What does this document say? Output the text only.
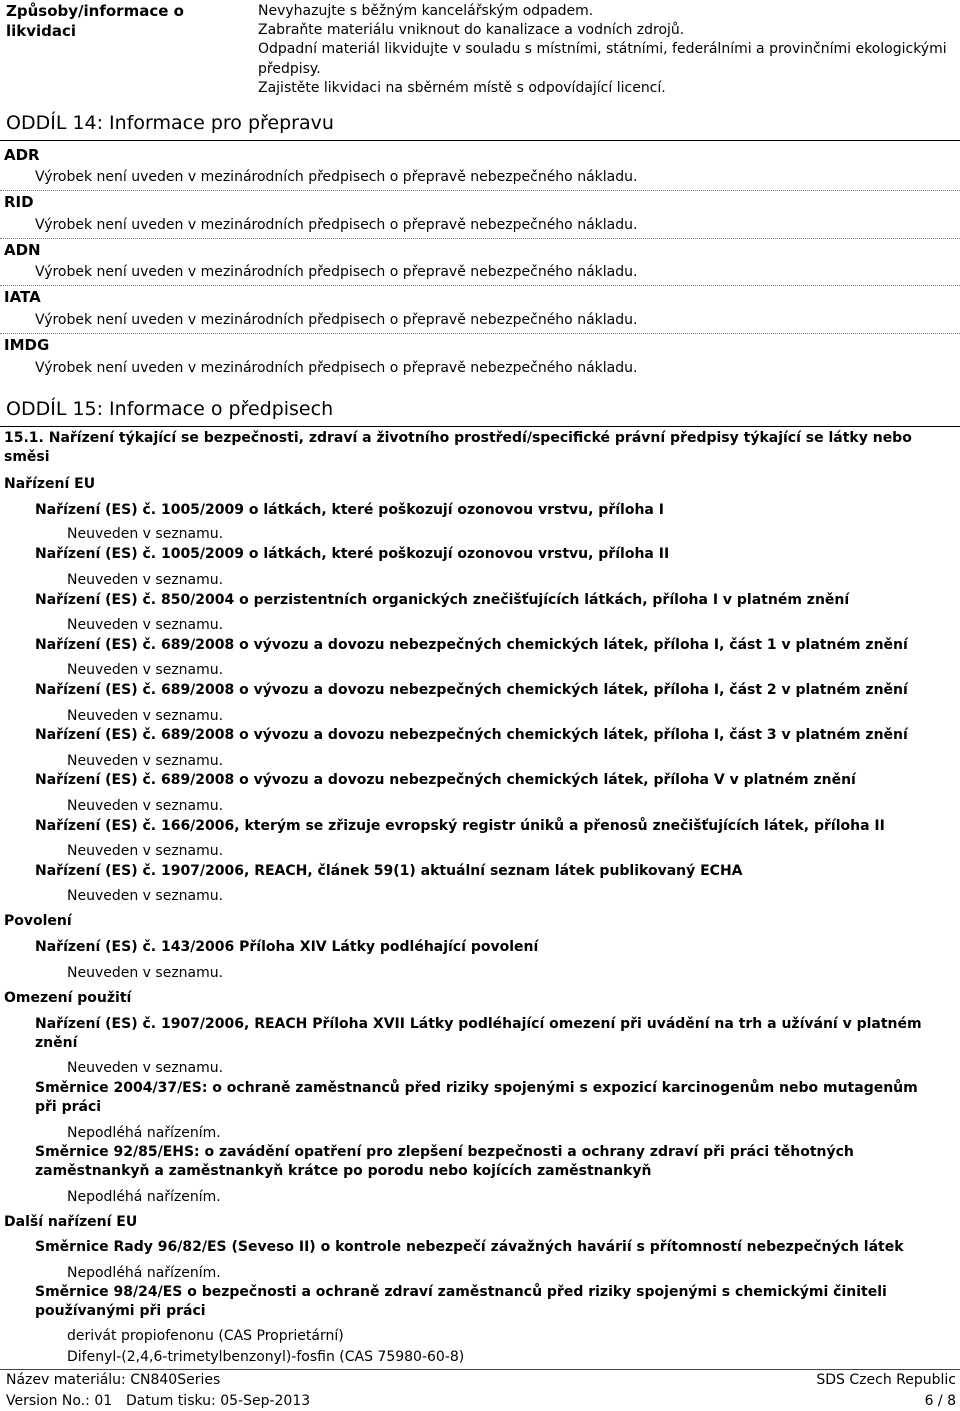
Způsoby/informace o
likvidaci
Nevyhazujte s běžným kancelářským odpadem.
Zabraňte materiálu vniknout do kanalizace a vodních zdrojů.
Odpadní materiál likvidujte v souladu s místními, státními, federálními a provinčními ekologickými
předpisy.
Zajistěte likvidaci na sběrném místě s odpovídající licencí.
ODDÍL 14: Informace pro přepravu
ADR
Výrobek není uveden v mezinárodních předpisech o přepravě nebezpečného nákladu.
RID
Výrobek není uveden v mezinárodních předpisech o přepravě nebezpečného nákladu.
ADN
Výrobek není uveden v mezinárodních předpisech o přepravě nebezpečného nákladu.
IATA
Výrobek není uveden v mezinárodních předpisech o přepravě nebezpečného nákladu.
IMDG
Výrobek není uveden v mezinárodních předpisech o přepravě nebezpečného nákladu.
ODDÍL 15: Informace o předpisech
15.1. Nařízení týkající se bezpečnosti, zdraví a životního prostředí/specifické právní předpisy týkající se látky nebo
směsi
Nařízení EU
Nařízení (ES) č. 1005/2009 o látkách, které poškozují ozonovou vrstvu, příloha I
Neuveden v seznamu.
Nařízení (ES) č. 1005/2009 o látkách, které poškozují ozonovou vrstvu, příloha II
Neuveden v seznamu.
Nařízení (ES) č. 850/2004 o perzistentních organických znečišťujících látkách, příloha I v platném znění
Neuveden v seznamu.
Nařízení (ES) č. 689/2008 o vývozu a dovozu nebezpečných chemických látek, příloha I, část 1 v platném znění
Neuveden v seznamu.
Nařízení (ES) č. 689/2008 o vývozu a dovozu nebezpečných chemických látek, příloha I, část 2 v platném znění
Neuveden v seznamu.
Nařízení (ES) č. 689/2008 o vývozu a dovozu nebezpečných chemických látek, příloha I, část 3 v platném znění
Neuveden v seznamu.
Nařízení (ES) č. 689/2008 o vývozu a dovozu nebezpečných chemických látek, příloha V v platném znění
Neuveden v seznamu.
Nařízení (ES) č. 166/2006, kterým se zřizuje evropský registr úniků a přenosů znečišťujících látek, příloha II
Neuveden v seznamu.
Nařízení (ES) č. 1907/2006, REACH, článek 59(1) aktuální seznam látek publikovaný ECHA
Neuveden v seznamu.
Povolení
Nařízení (ES) č. 143/2006 Příloha XIV Látky podléhající povolení
Neuveden v seznamu.
Omezení použití
Nařízení (ES) č. 1907/2006, REACH Příloha XVII Látky podléhající omezení při uvádění na trh a užívání v platném
znění
Neuveden v seznamu.
Směrnice 2004/37/ES: o ochraně zaměstnanců před riziky spojenými s expozicí karcinogenům nebo mutagenům
při práci
Nepodléhá nařízením.
Směrnice 92/85/EHS: o zavádění opatření pro zlepšení bezpečnosti a ochrany zdraví při práci těhotných
zaměstnankyň a zaměstnankyň krátce po porodu nebo kojících zaměstnankyň
Nepodléhá nařízením.
Další nařízení EU
Směrnice Rady 96/82/ES (Seveso II) o kontrole nebezpečí závažných havárií s přítomností nebezpečných látek
Nepodléhá nařízením.
Směrnice 98/24/ES o bezpečnosti a ochraně zdraví zaměstnanců před riziky spojenými s chemickými činiteli
používanými při práci
derivát propiofenonu (CAS Proprietární)
Difenyl-(2,4,6-trimetylbenzonyl)-fosfin (CAS 75980-60-8)
Název materiálu: CN840Series
Version No.: 01 Datum tisku: 05-Sep-2013
SDS Czech Republic
6 / 8
